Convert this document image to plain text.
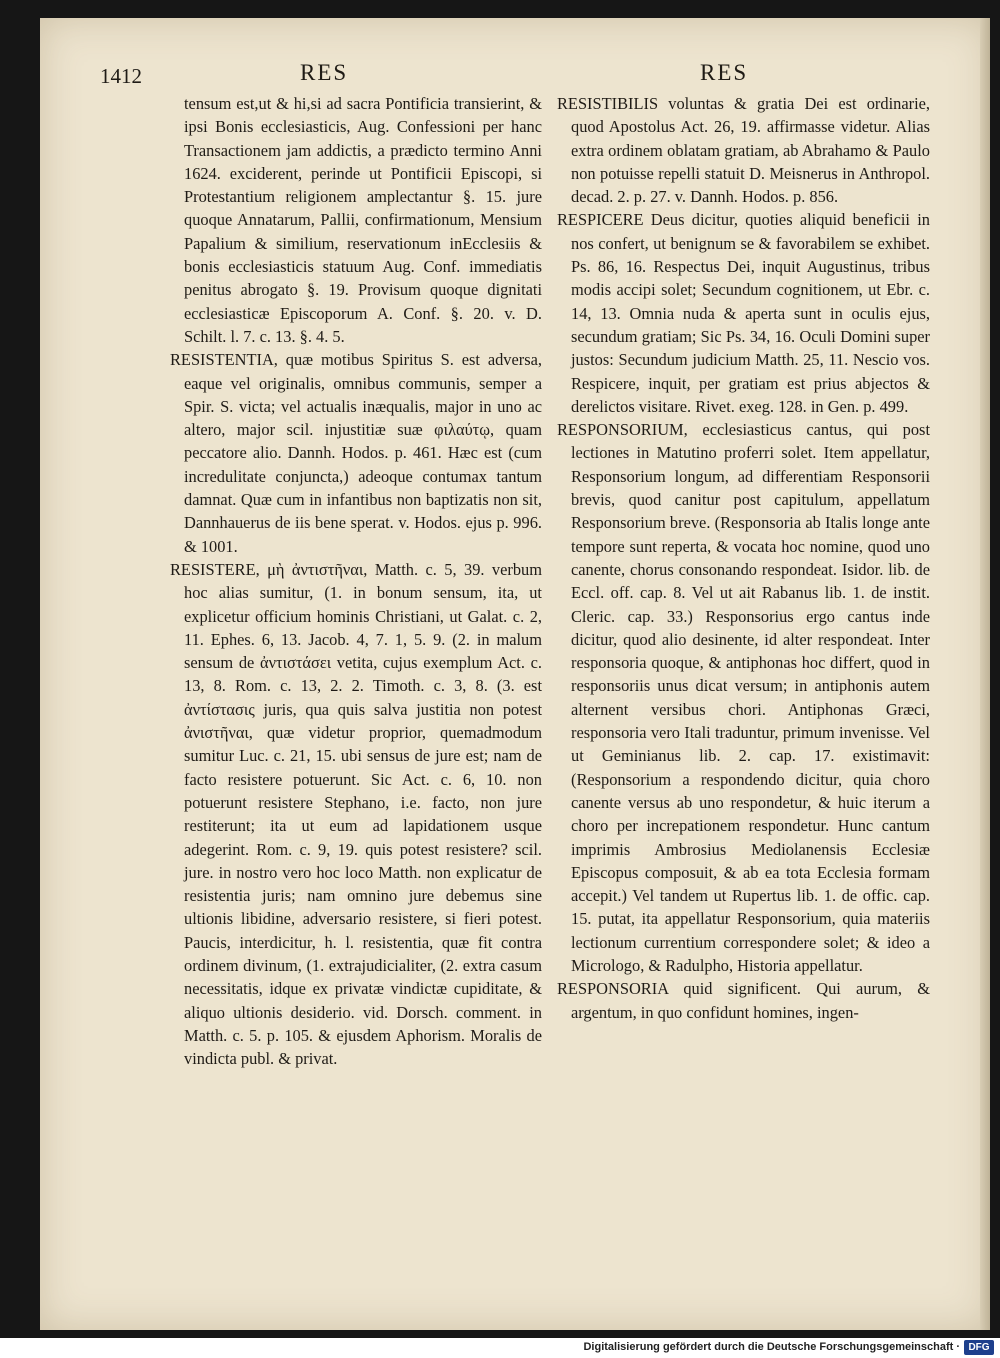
1412	RES	RES

tensum est,ut & hi,si ad sacra Pontificia transierint, & ipsi Bonis ecclesiasticis, Aug. Confessioni per hanc Transactionem jam addictis, a prædicto termino Anni 1624. exciderent, perinde ut Pontificii Episcopi, si Protestantium religionem amplectantur §. 15. jure quoque Annatarum, Pallii, confirmationum, Mensium Papalium & similium, reservationum inEcclesiis & bonis ecclesiasticis statuum Aug. Conf. immediatis penitus abrogato §. 19. Provisum quoque dignitati ecclesiasticæ Episcoporum A. Conf. §. 20. v. D. Schilt. l. 7. c. 13. §. 4. 5.

RESISTENTIA, quæ motibus Spiritus S. est adversa, eaque vel originalis, omnibus communis, semper a Spir. S. victa; vel actualis inæqualis, major in uno ac altero, major scil. injustitiæ suæ φιλαύτῳ, quam peccatore alio. Dannh. Hodos. p. 461. Hæc est (cum incredulitate conjuncta,) adeoque contumax tantum damnat. Quæ cum in infantibus non baptizatis non sit, Dannhauerus de iis bene sperat. v. Hodos. ejus p. 996. & 1001.

RESISTERE, μὴ ἀντιστῆναι, Matth. c. 5, 39. verbum hoc alias sumitur, (1. in bonum sensum, ita, ut explicetur officium hominis Christiani, ut Galat. c. 2, 11. Ephes. 6, 13. Jacob. 4, 7. 1, 5. 9. (2. in malum sensum de ἀντιστάσει vetita, cujus exemplum Act. c. 13, 8. Rom. c. 13, 2. 2. Timoth. c. 3, 8. (3. est ἀντίστασις juris, qua quis salva justitia non potest ἀνιστῆναι, quæ videtur proprior, quemadmodum sumitur Luc. c. 21, 15. ubi sensus de jure est; nam de facto resistere potuerunt. Sic Act. c. 6, 10. non potuerunt resistere Stephano, i.e. facto, non jure restiterunt; ita ut eum ad lapidationem usque adegerint. Rom. c. 9, 19. quis potest resistere? scil. jure. in nostro vero hoc loco Matth. non explicatur de resistentia juris; nam omnino jure debemus sine ultionis libidine, adversario resistere, si fieri potest. Paucis, interdicitur, h. l. resistentia, quæ fit contra ordinem divinum, (1. extrajudicialiter, (2. extra casum necessitatis, idque ex privatæ vindictæ cupiditate, & aliquo ultionis desiderio. vid. Dorsch. comment. in Matth. c. 5. p. 105. & ejusdem Aphorism. Moralis de vindicta publ. & privat.

RESISTIBILIS voluntas & gratia Dei est ordinarie, quod Apostolus Act. 26, 19. affirmasse videtur. Alias extra ordinem oblatam gratiam, ab Abrahamo & Paulo non potuisse repelli statuit D. Meisnerus in Anthropol. decad. 2. p. 27. v. Dannh. Hodos. p. 856.

RESPICERE Deus dicitur, quoties aliquid beneficii in nos confert, ut benignum se & favorabilem se exhibet. Ps. 86, 16. Respectus Dei, inquit Augustinus, tribus modis accipi solet; Secundum cognitionem, ut Ebr. c. 14, 13. Omnia nuda & aperta sunt in oculis ejus, secundum gratiam; Sic Ps. 34, 16. Oculi Domini super justos: Secundum judicium Matth. 25, 11. Nescio vos. Respicere, inquit, per gratiam est prius abjectos & derelictos visitare. Rivet. exeg. 128. in Gen. p. 499.

RESPONSORIUM, ecclesiasticus cantus, qui post lectiones in Matutino proferri solet. Item appellatur, Responsorium longum, ad differentiam Responsorii brevis, quod canitur post capitulum, appellatum Responsorium breve. (Responsoria ab Italis longe ante tempore sunt reperta, & vocata hoc nomine, quod uno canente, chorus consonando respondeat. Isidor. lib. de Eccl. off. cap. 8. Vel ut ait Rabanus lib. 1. de instit. Cleric. cap. 33.) Responsorius ergo cantus inde dicitur, quod alio desinente, id alter respondeat. Inter responsoria quoque, & antiphonas hoc differt, quod in responsoriis unus dicat versum; in antiphonis autem alternent versibus chori. Antiphonas Græci, responsoria vero Itali traduntur, primum invenisse. Vel ut Geminianus lib. 2. cap. 17. existimavit: (Responsorium a respondendo dicitur, quia choro canente versus ab uno respondetur, & huic iterum a choro per increpationem respondetur. Hunc cantum imprimis Ambrosius Mediolanensis Ecclesiæ Episcopus composuit, & ab ea tota Ecclesia formam accepit.) Vel tandem ut Rupertus lib. 1. de offic. cap. 15. putat, ita appellatur Responsorium, quia materiis lectionum currentium correspondere solet; & ideo a Micrologo, & Radulpho, Historia appellatur.

RESPONSORIA quid significent. Qui aurum, & argentum, in quo confidunt homines, ingen-

Digitalisierung gefördert durch die Deutsche Forschungsgemeinschaft · DFG
